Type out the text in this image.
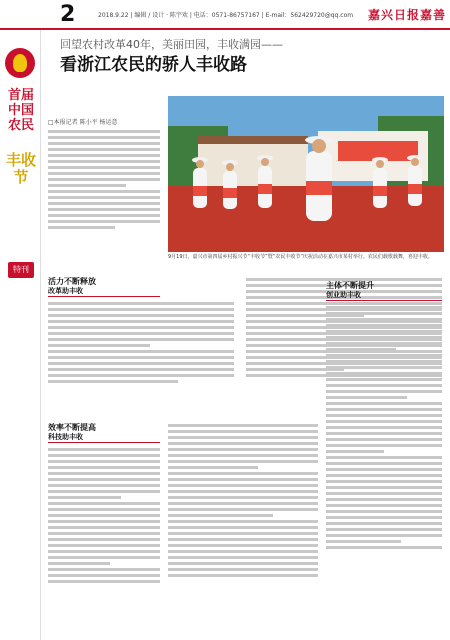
2	2018.9.22 | 编辑 / 设计 · 陈宇欢 | 电话：0571-86757167 | E-mail：562429720@qq.com 嘉兴日报嘉善
首届中国农民
丰收节
特刊
回望农村改革40年，美丽田园，丰收满园——
看浙江农民的骄人丰收路
□本报记者 陈小平 杨运意
9月19日，嘉兴市第四届乡村振兴节“丰收节”暨“农民丰收节”庆祝活动在嘉兴市某村举行。农民们载歌载舞，喜迎丰收。
活力不断释放
改革助丰收
效率不断提高
科技助丰收
主体不断提升
创业助丰收
